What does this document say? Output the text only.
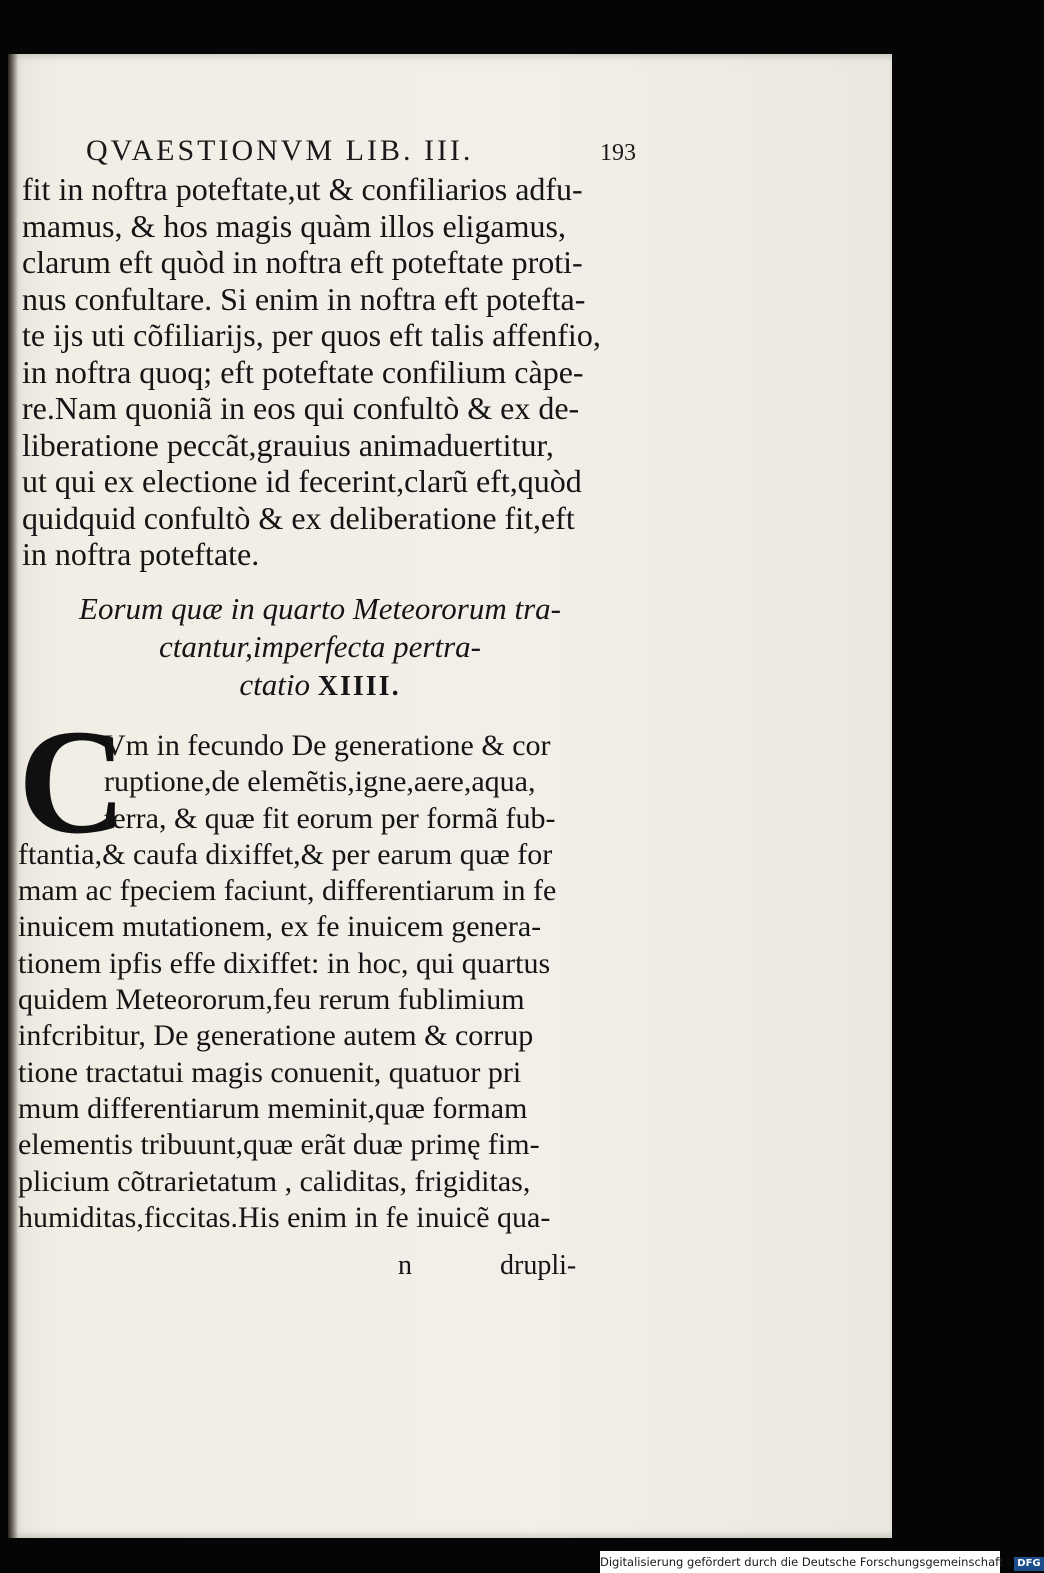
QVAESTIONVM LIB. III.	193
fit in noftra poteftate,ut & confiliarios adfu-
mamus, & hos magis quàm illos eligamus,
clarum eft quòd in noftra eft poteftate proti-
nus confultare. Si enim in noftra eft potefta-
te ijs uti cõfiliarijs, per quos eft talis affenfio,
in noftra quoq; eft poteftate confilium càpe-
re.Nam quoniã in eos qui confultò & ex de-
liberatione peccãt,grauius animaduertitur,
ut qui ex electione id fecerint,clarũ eft,quòd
quidquid confultò & ex deliberatione fit,eft
in noftra poteftate.
Eorum quæ in quarto Meteororum tra-
ctantur,imperfecta pertra-
ctatio XIIII.
C
Vm in fecundo De generatione & cor
ruptione,de elemẽtis,igne,aere,aqua,
terra, & quæ fit eorum per formã fub-
ftantia,& caufa dixiffet,& per earum quæ for
mam ac fpeciem faciunt, differentiarum in fe
inuicem mutationem, ex fe inuicem genera-
tionem ipfis effe dixiffet: in hoc, qui quartus
quidem Meteororum,feu rerum fublimium
infcribitur, De generatione autem & corrup
tione tractatui magis conuenit, quatuor pri
mum differentiarum meminit,quæ formam
elementis tribuunt,quæ erãt duæ primę fim-
plicium cõtrarietatum , caliditas, frigiditas,
humiditas,ficcitas.His enim in fe inuicẽ qua-
n	drupli-
Digitalisierung gefördert durch die Deutsche Forschungsgemeinschaft - DFG
